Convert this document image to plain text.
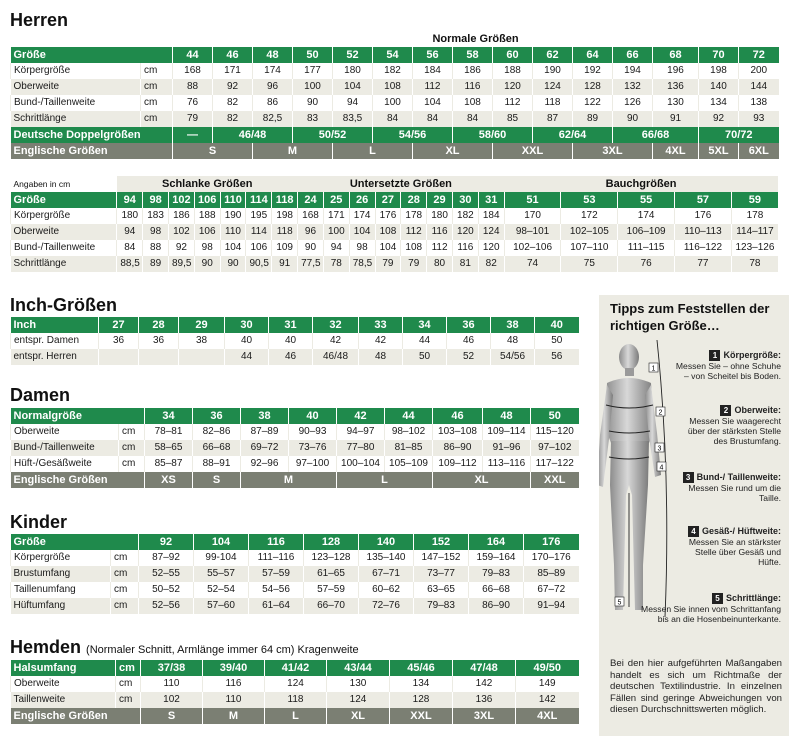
Herren
		Normale Größen														
Größe		44	46	48	50	52	54	56	58	60	62	64	66	68	70	72
Körpergröße	cm	168	171	174	177	180	182	184	186	188	190	192	194	196	198	200
Oberweite	cm	88	92	96	100	104	108	112	116	120	124	128	132	136	140	144
Bund-/Taillenweite	cm	76	82	86	90	94	100	104	108	112	118	122	126	130	134	138
Schrittlänge	cm	79	82	82,5	83	83,5	84	84	84	85	87	89	90	91	92	93
Deutsche Doppelgrößen		—	46/48		50/52		54/56		58/60		62/64		66/68		70/72	
Englische Größen		S		M		L		XL		XXL		3XL		4XL	5XL	6XL
Angaben in cm	Schlanke Größen							Untersetzte Größen								Bauchgrößen				
Größe	94	98	102	106	110	114	118	24	25	26	27	28	29	30	31	51	53	55	57	59
Körpergröße	180	183	186	188	190	195	198	168	171	174	176	178	180	182	184	170	172	174	176	178
Oberweite	94	98	102	106	110	114	118	96	100	104	108	112	116	120	124	98–101	102–105	106–109	110–113	114–117
Bund-/Taillenweite	84	88	92	98	104	106	109	90	94	98	104	108	112	116	120	102–106	107–110	111–115	116–122	123–126
Schrittlänge	88,5	89	89,5	90	90	90,5	91	77,5	78	78,5	79	79	80	81	82	74	75	76	77	78
Inch-Größen
Inch	27	28	29	30	31	32	33	34	36	38	40
entspr. Damen	36	36	38	40	40	42	42	44	46	48	50
entspr. Herren				44	46	46/48	48	50	52	54/56	56
Damen
Normalgröße		34	36	38	40	42	44	46	48	50
Oberweite	cm	78–81	82–86	87–89	90–93	94–97	98–102	103–108	109–114	115–120
Bund-/Taillenweite	cm	58–65	66–68	69–72	73–76	77–80	81–85	86–90	91–96	97–102
Hüft-/Gesäßweite	cm	85–87	88–91	92–96	97–100	100–104	105–109	109–112	113–116	117–122
Englische Größen		XS	S	M		L		XL		XXL
Kinder
Größe		92	104	116	128	140	152	164	176
Körpergröße	cm	87–92	99-104	111–116	123–128	135–140	147–152	159–164	170–176
Brustumfang	cm	52–55	55–57	57–59	61–65	67–71	73–77	79–83	85–89
Taillenumfang	cm	50–52	52–54	54–56	57–59	60–62	63–65	66–68	67–72
Hüftumfang	cm	52–56	57–60	61–64	66–70	72–76	79–83	86–90	91–94
Hemden (Normaler Schnitt, Armlänge immer 64 cm) Kragenweite
Halsumfang	cm	37/38	39/40	41/42	43/44	45/46	47/48	49/50
Oberweite	cm	110	116	124	130	134	142	149
Taillenweite	cm	102	110	118	124	128	136	142
Englische Größen		S	M	L	XL	XXL	3XL	4XL
Tipps zum Feststellen der richtigen Größe…
1
2
3
4
5
1 Körpergröße:
Messen Sie – ohne Schuhe – von Scheitel bis Boden.
2 Oberweite:
Messen Sie waagerecht über der stärksten Stelle des Brustumfang.
3 Bund-/ Taillenweite:
Messen Sie rund um die Taille.
4 Gesäß-/ Hüftweite:
Messen Sie an stärkster Stelle über Gesäß und Hüfte.
5 Schrittlänge:
Messen Sie innen vom Schrittanfang bis an die Hosenbeinunterkante.
Bei den hier aufgeführten Maßangaben handelt es sich um Richtmaße der deutschen Textilindustrie. In einzelnen Fällen sind geringe Abweichungen von diesen Durchschnittswerten möglich.
